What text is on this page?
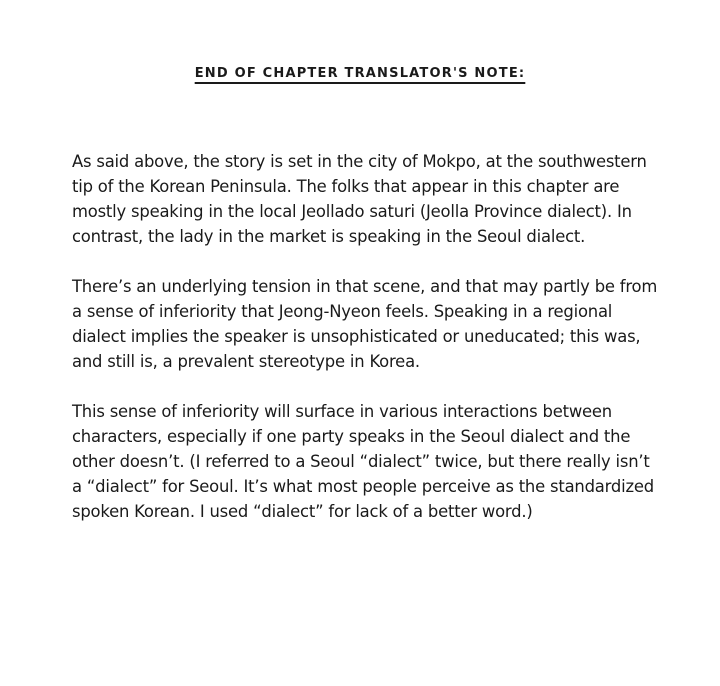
END OF CHAPTER TRANSLATOR'S NOTE:

As said above, the story is set in the city of Mokpo, at the southwestern tip of the Korean Peninsula. The folks that appear in this chapter are mostly speaking in the local Jeollado saturi (Jeolla Province dialect). In contrast, the lady in the market is speaking in the Seoul dialect.

There’s an underlying tension in that scene, and that may partly be from a sense of inferiority that Jeong-Nyeon feels. Speaking in a regional dialect implies the speaker is unsophisticated or uneducated; this was, and still is, a prevalent stereotype in Korea.

This sense of inferiority will surface in various interactions between characters, especially if one party speaks in the Seoul dialect and the other doesn’t. (I referred to a Seoul “dialect” twice, but there really isn’t a “dialect” for Seoul. It’s what most people perceive as the standardized spoken Korean. I used “dialect” for lack of a better word.)
